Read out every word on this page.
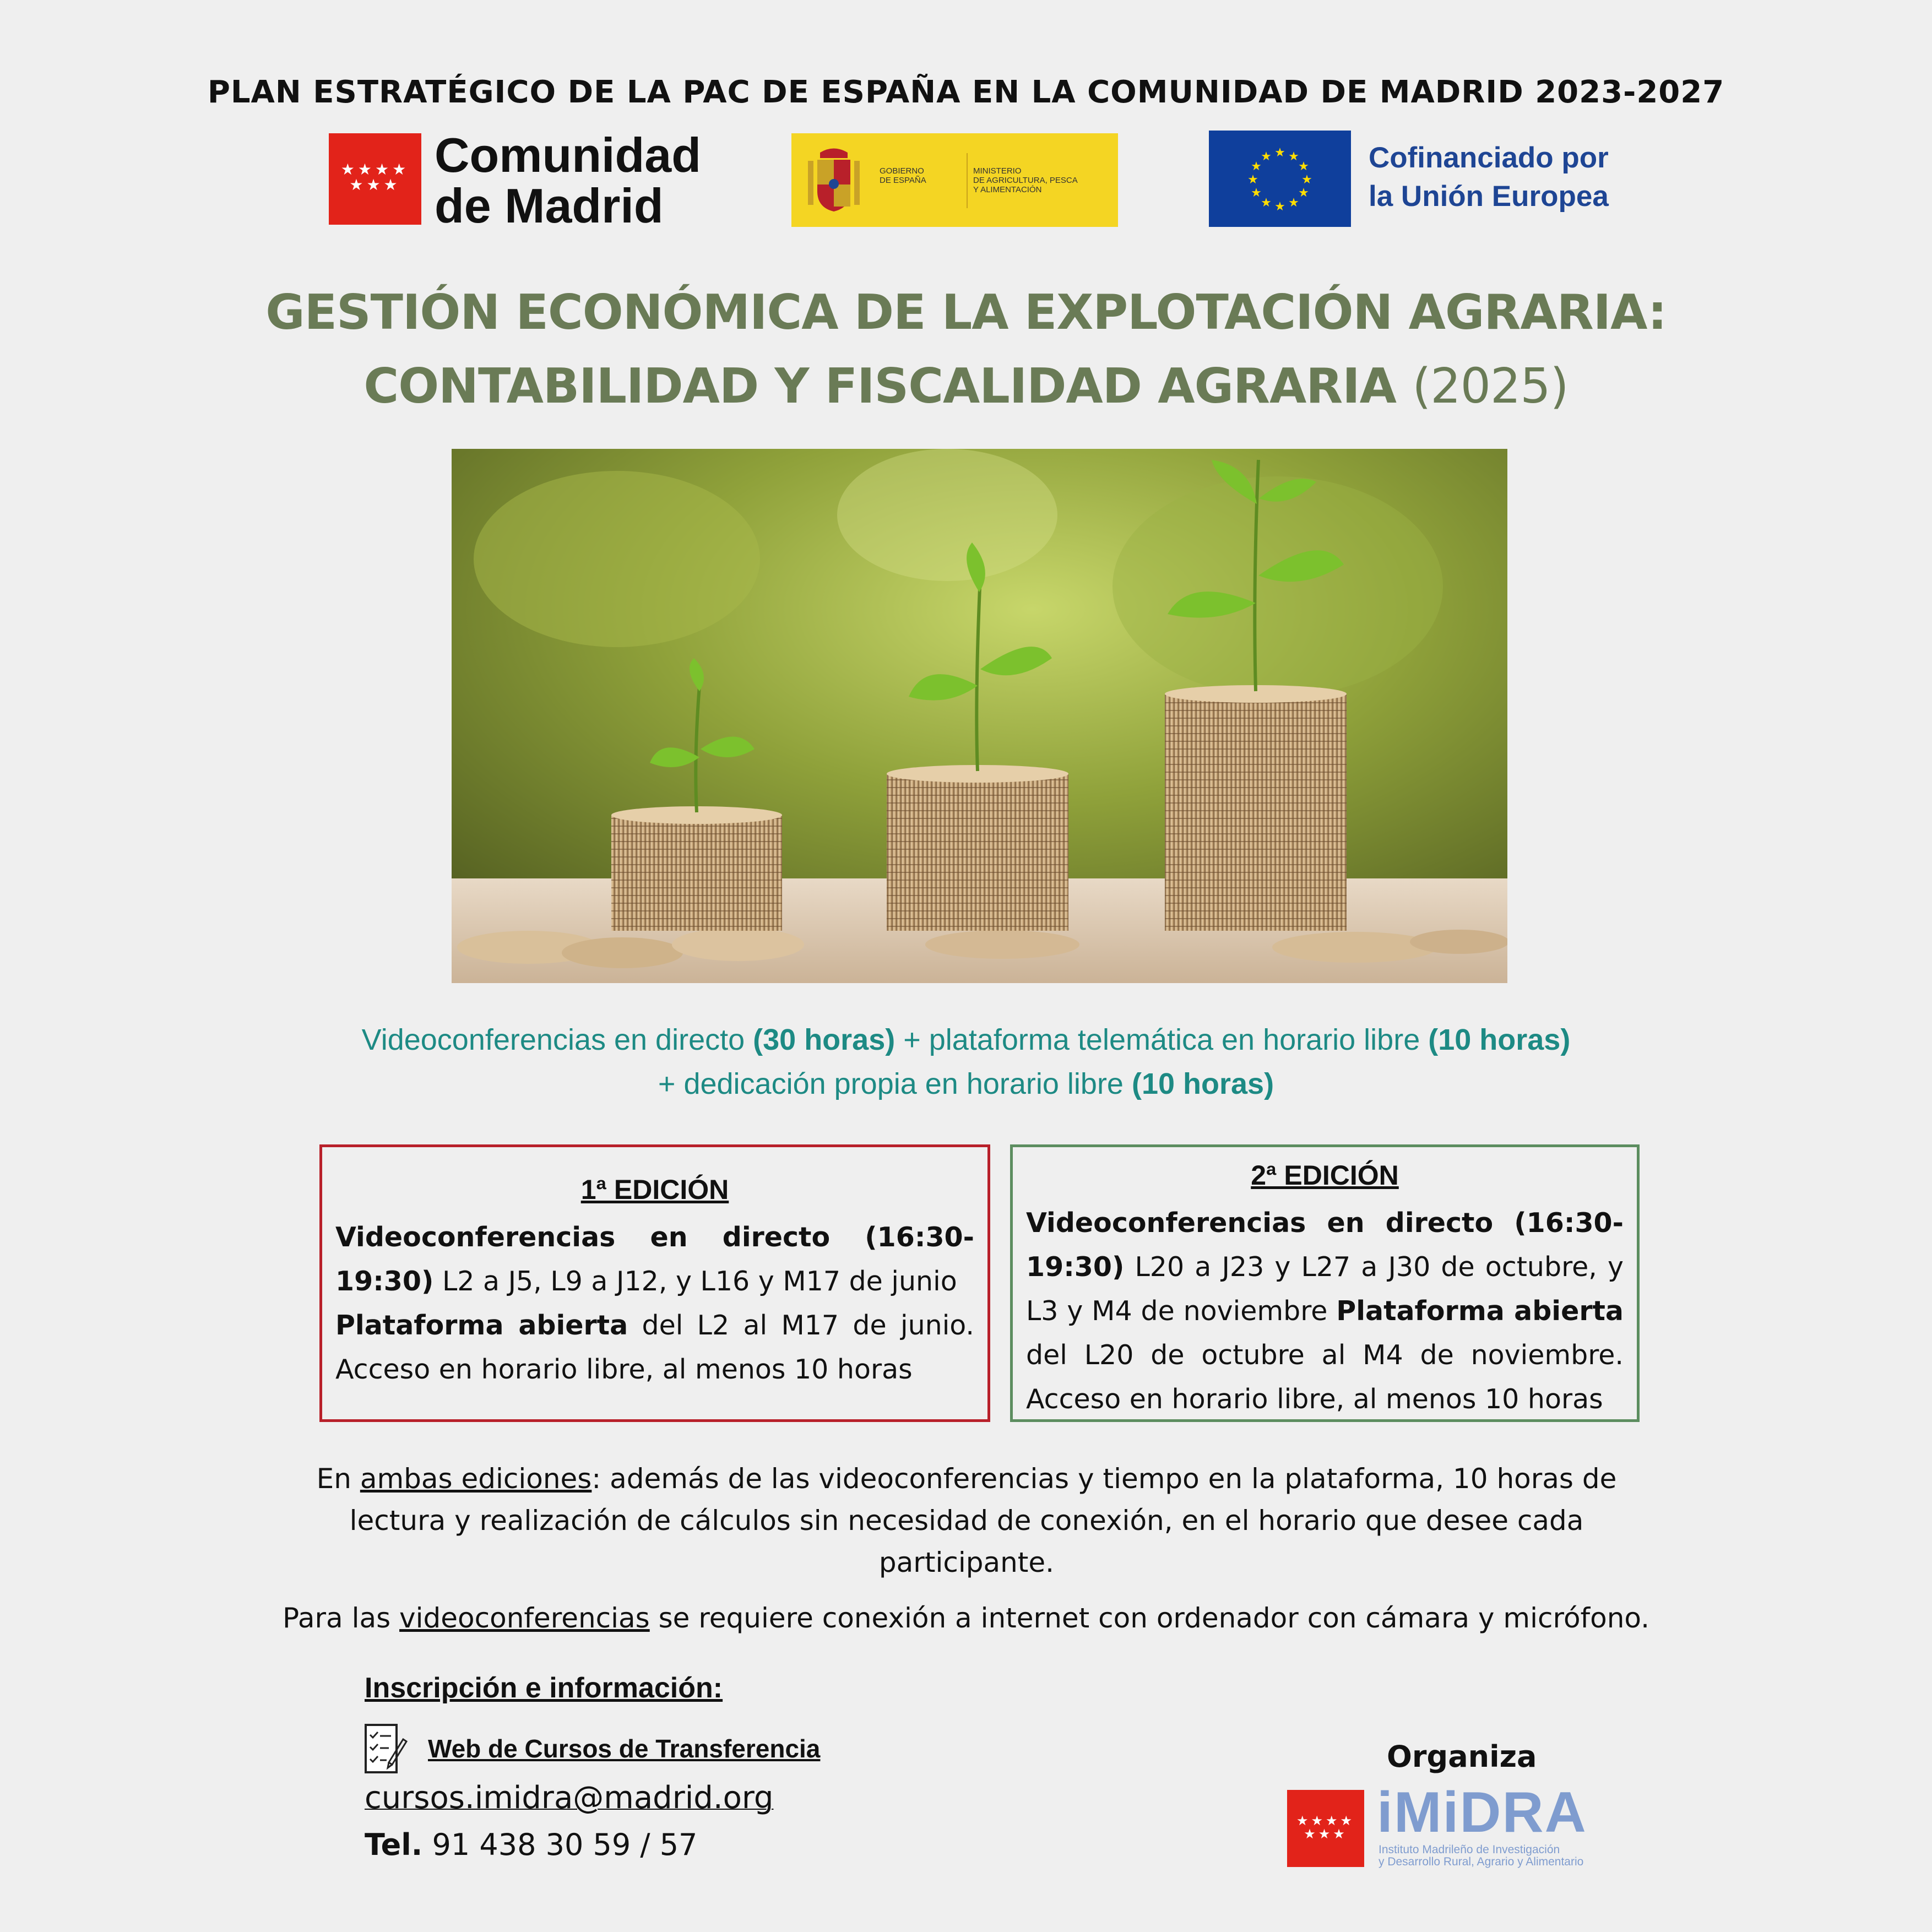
PLAN ESTRATÉGICO DE LA PAC DE ESPAÑA EN LA COMUNIDAD DE MADRID 2023-2027
★★★★
★★★
Comunidad
de Madrid
GOBIERNO
DE ESPAÑA
MINISTERIO
DE AGRICULTURA, PESCA
Y ALIMENTACIÓN
★ ★
★
★
★
★
★
★
★
★
★
★	Cofinanciado por
la Unión Europea
GESTIÓN ECONÓMICA DE LA EXPLOTACIÓN AGRARIA:
CONTABILIDAD Y FISCALIDAD AGRARIA (2025)
Videoconferencias en directo (30 horas) + plataforma telemática en horario libre (10 horas)
+ dedicación propia en horario libre (10 horas)
1ª EDICIÓN
Videoconferencias en directo (16:30-19:30) L2 a J5, L9 a J12, y L16 y M17 de junio
Plataforma abierta del L2 al M17 de junio. Acceso en horario libre, al menos 10 horas
2ª EDICIÓN
Videoconferencias en directo (16:30-19:30) L20 a J23 y L27 a J30 de octubre, y L3 y M4 de noviembre Plataforma abierta del L20 de octubre al M4 de noviembre. Acceso en horario libre, al menos 10 horas
En ambas ediciones: además de las videoconferencias y tiempo en la plataforma, 10 horas de lectura y realización de cálculos sin necesidad de conexión, en el horario que desee cada participante.
Para las videoconferencias se requiere conexión a internet con ordenador con cámara y micrófono.
Inscripción e información:
Web de Cursos de Transferencia
cursos.imidra@madrid.org
Tel. 91 438 30 59 / 57
Organiza
★★★★
★★★ iMiDRA
Instituto Madrileño de Investigación
y Desarrollo Rural, Agrario y Alimentario
